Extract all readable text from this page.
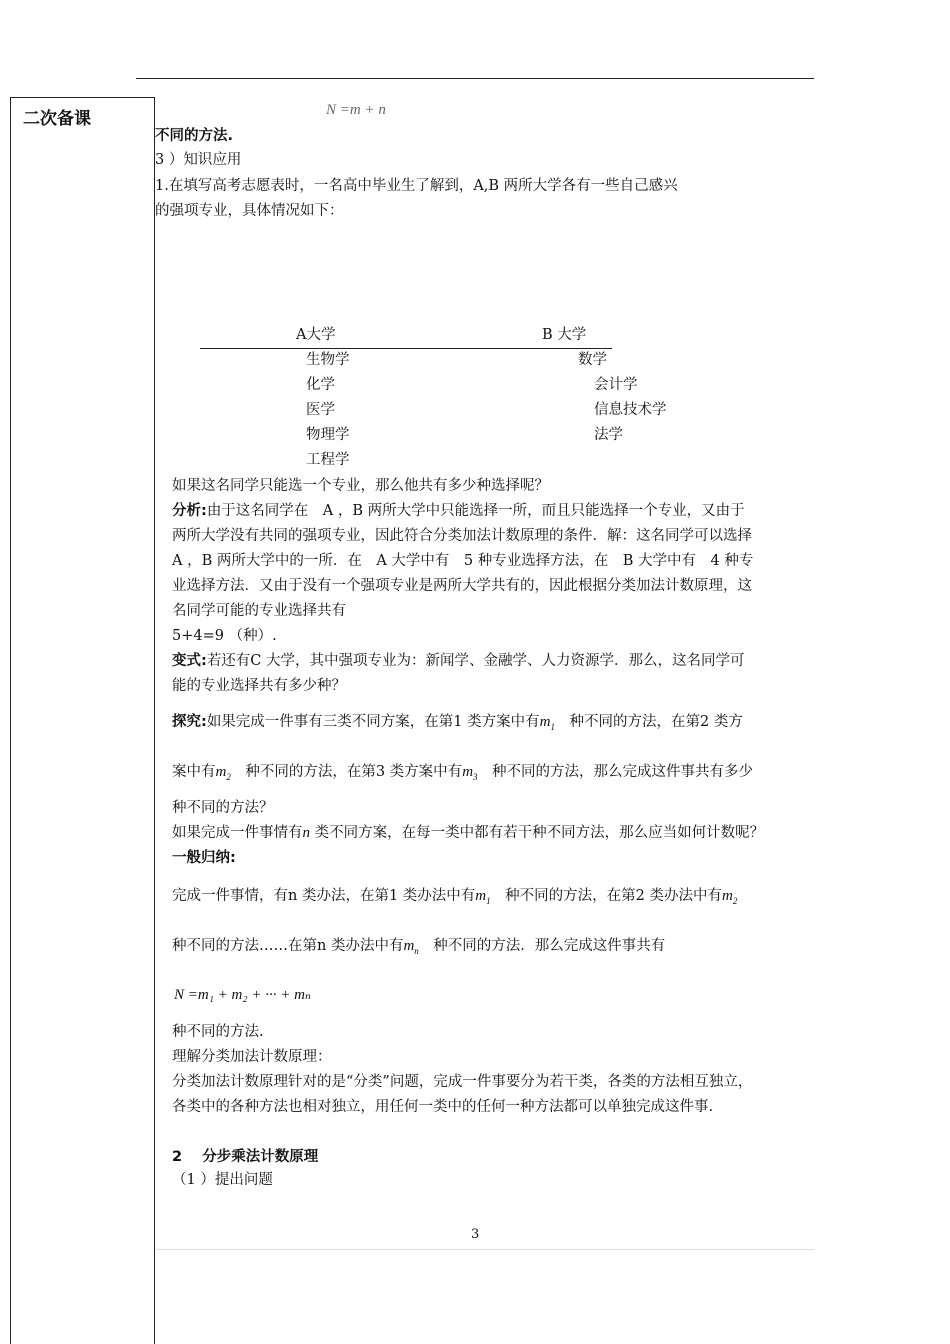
二次备课	N =m + n
不同的方法.
3 ）知识应用
1.在填写高考志愿表时，一名高中毕业生了解到，A,B 两所大学各有一些自己感兴
的强项专业，具体情况如下：
A大学	B 大学
生物学
化学
医学
物理学
工程学
数学
会计学
信息技术学
法学
如果这名同学只能选一个专业，那么他共有多少种选择呢？
分析:由于这名同学在　A ，B 两所大学中只能选择一所，而且只能选择一个专业，又由于
两所大学没有共同的强项专业，因此符合分类加法计数原理的条件．解：这名同学可以选择
A ，B 两所大学中的一所．在　A 大学中有　5 种专业选择方法，在　B 大学中有　4 种专
业选择方法．又由于没有一个强项专业是两所大学共有的，因此根据分类加法计数原理，这
名同学可能的专业选择共有
5+4=9 （种）.
变式:若还有C 大学，其中强项专业为：新闻学、金融学、人力资源学．那么，这名同学可
能的专业选择共有多少种？
探究:如果完成一件事有三类不同方案，在第1 类方案中有$m_1$　 种不同的方法，在第2 类方
案中有$m_2$　 种不同的方法，在第3 类方案中有$m_3$　 种不同的方法，那么完成这件事共有多少
种不同的方法？
如果完成一件事情有n 类不同方案，在每一类中都有若干种不同方法，那么应当如何计数呢？
一般归纳:
完成一件事情，有n 类办法，在第1 类办法中有$m_1$　 种不同的方法，在第2 类办法中有$m_2$
种不同的方法……在第n 类办法中有$m_n$　 种不同的方法．那么完成这件事共有
N =m₁ + m₂ + ··· + mₙ
种不同的方法.
理解分类加法计数原理：
分类加法计数原理针对的是“分类”问题，完成一件事要分为若干类，各类的方法相互独立，
各类中的各种方法也相对独立，用任何一类中的任何一种方法都可以单独完成这件事.
2 分步乘法计数原理
（1 ）提出问题
3
